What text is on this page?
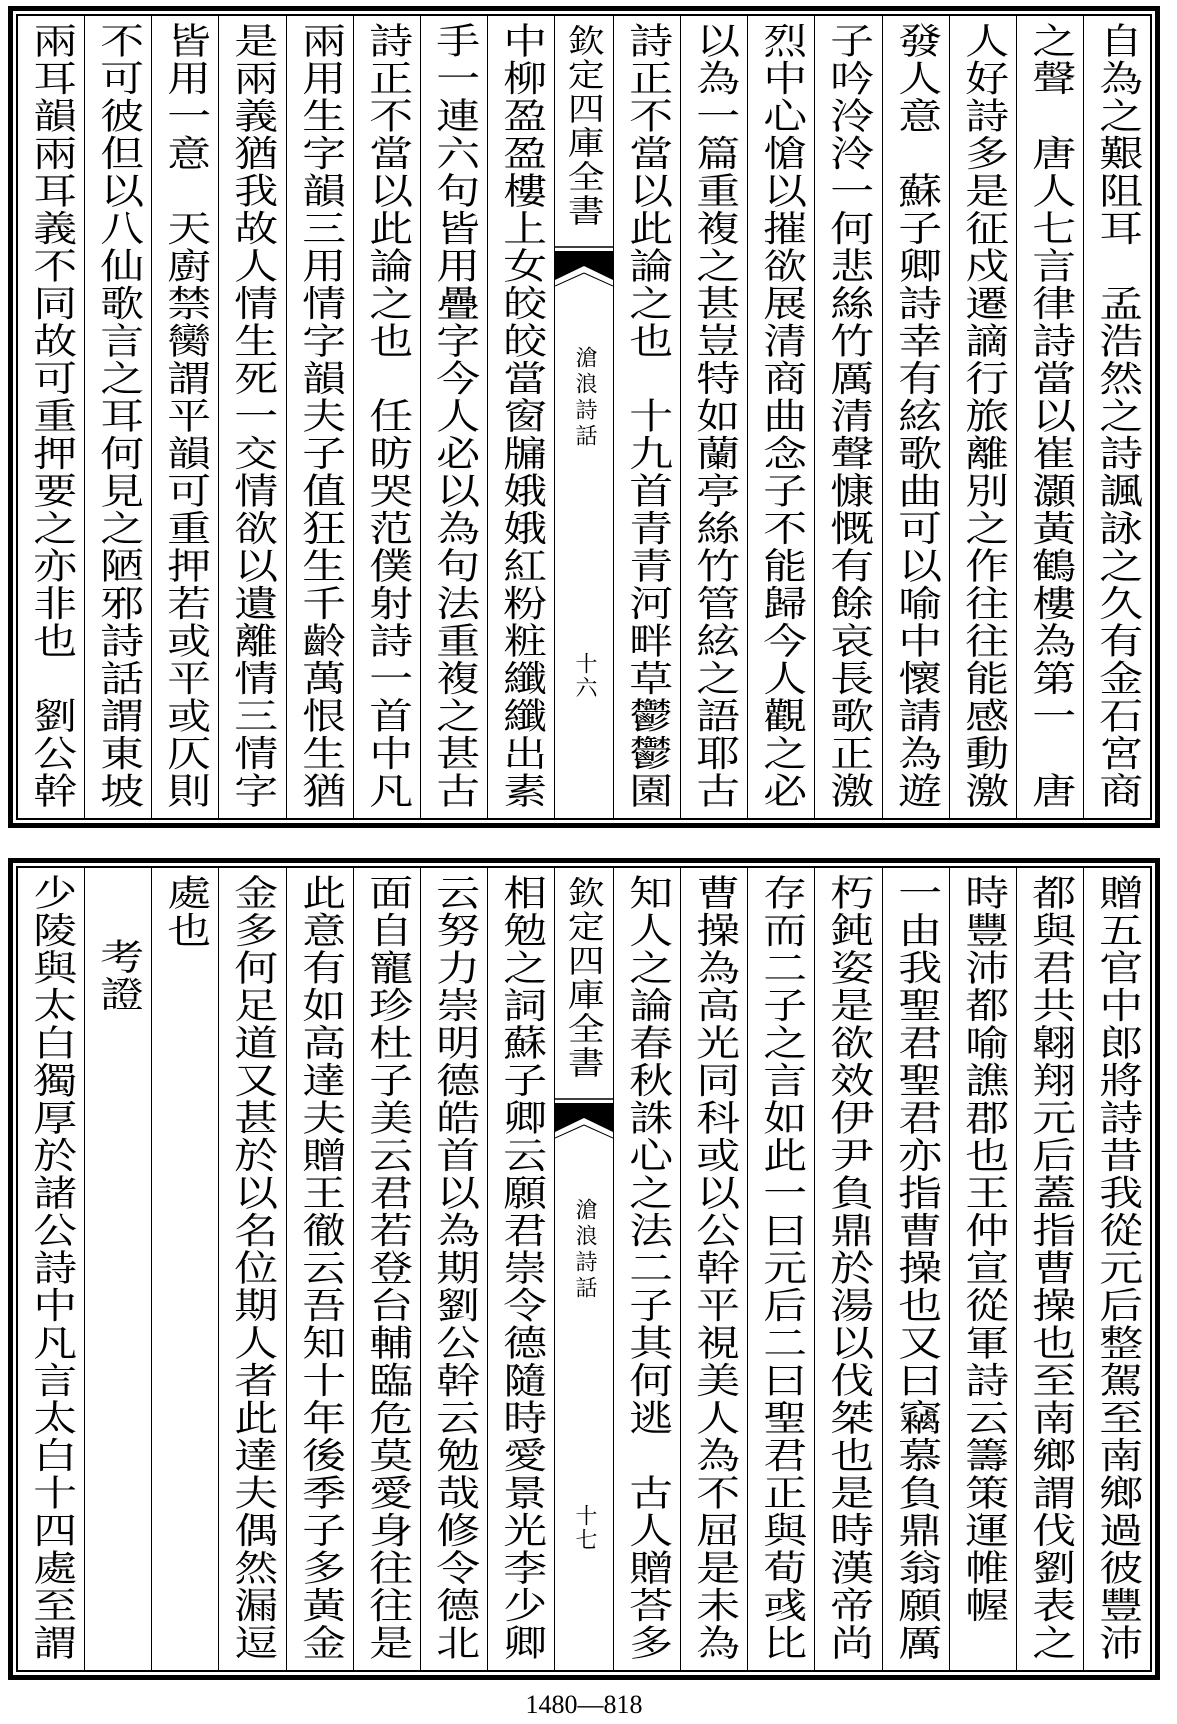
自為之艱阻耳　孟浩然之詩諷詠之久有金石宮商
之聲　唐人七言律詩當以崔灝黃鶴樓為第一　唐
人好詩多是征戍遷謫行旅離別之作往往能感動激
發人意　蘇子卿詩幸有絃歌曲可以喻中懷請為遊
子吟泠泠一何悲絲竹厲清聲慷慨有餘哀長歌正激
烈中心愴以摧欲展清商曲念子不能歸今人觀之必
以為一篇重複之甚豈特如蘭亭絲竹管絃之語耶古
詩正不當以此論之也　十九首青青河畔草鬱鬱園
欽定四庫全書
滄浪詩話
十六
中柳盈盈樓上女皎皎當窗牖娥娥紅粉粧纖纖出素
手一連六句皆用疊字今人必以為句法重複之甚古
詩正不當以此論之也　任昉哭范僕射詩一首中凡
兩用生字韻三用情字韻夫子值狂生千齡萬恨生猶
是兩義猶我故人情生死一交情欲以遺離情三情字
皆用一意　天廚禁臠謂平韻可重押若或平或仄則
不可彼但以八仙歌言之耳何見之陋邪詩話謂東坡
兩耳韻兩耳義不同故可重押要之亦非也　劉公幹
贈五官中郎將詩昔我從元后整駕至南鄉過彼豐沛
都與君共翺翔元后蓋指曹操也至南鄉謂伐劉表之
時豐沛都喻譙郡也王仲宣從軍詩云籌策運帷幄
一由我聖君聖君亦指曹操也又曰竊慕負鼎翁願厲
朽鈍姿是欲效伊尹負鼎於湯以伐桀也是時漢帝尚
存而二子之言如此一曰元后二曰聖君正與荀彧比
曹操為高光同科或以公幹平視美人為不屈是未為
知人之論春秋誅心之法二子其何逃　古人贈荅多
欽定四庫全書
滄浪詩話
十七
相勉之詞蘇子卿云願君崇令德隨時愛景光李少卿
云努力崇明德皓首以為期劉公幹云勉哉修令德北
面自寵珍杜子美云君若登台輔臨危莫愛身往往是
此意有如高達夫贈王徹云吾知十年後季子多黃金
金多何足道又甚於以名位期人者此達夫偶然漏逗
處也
考證
少陵與太白獨厚於諸公詩中凡言太白十四處至謂
1480—818
